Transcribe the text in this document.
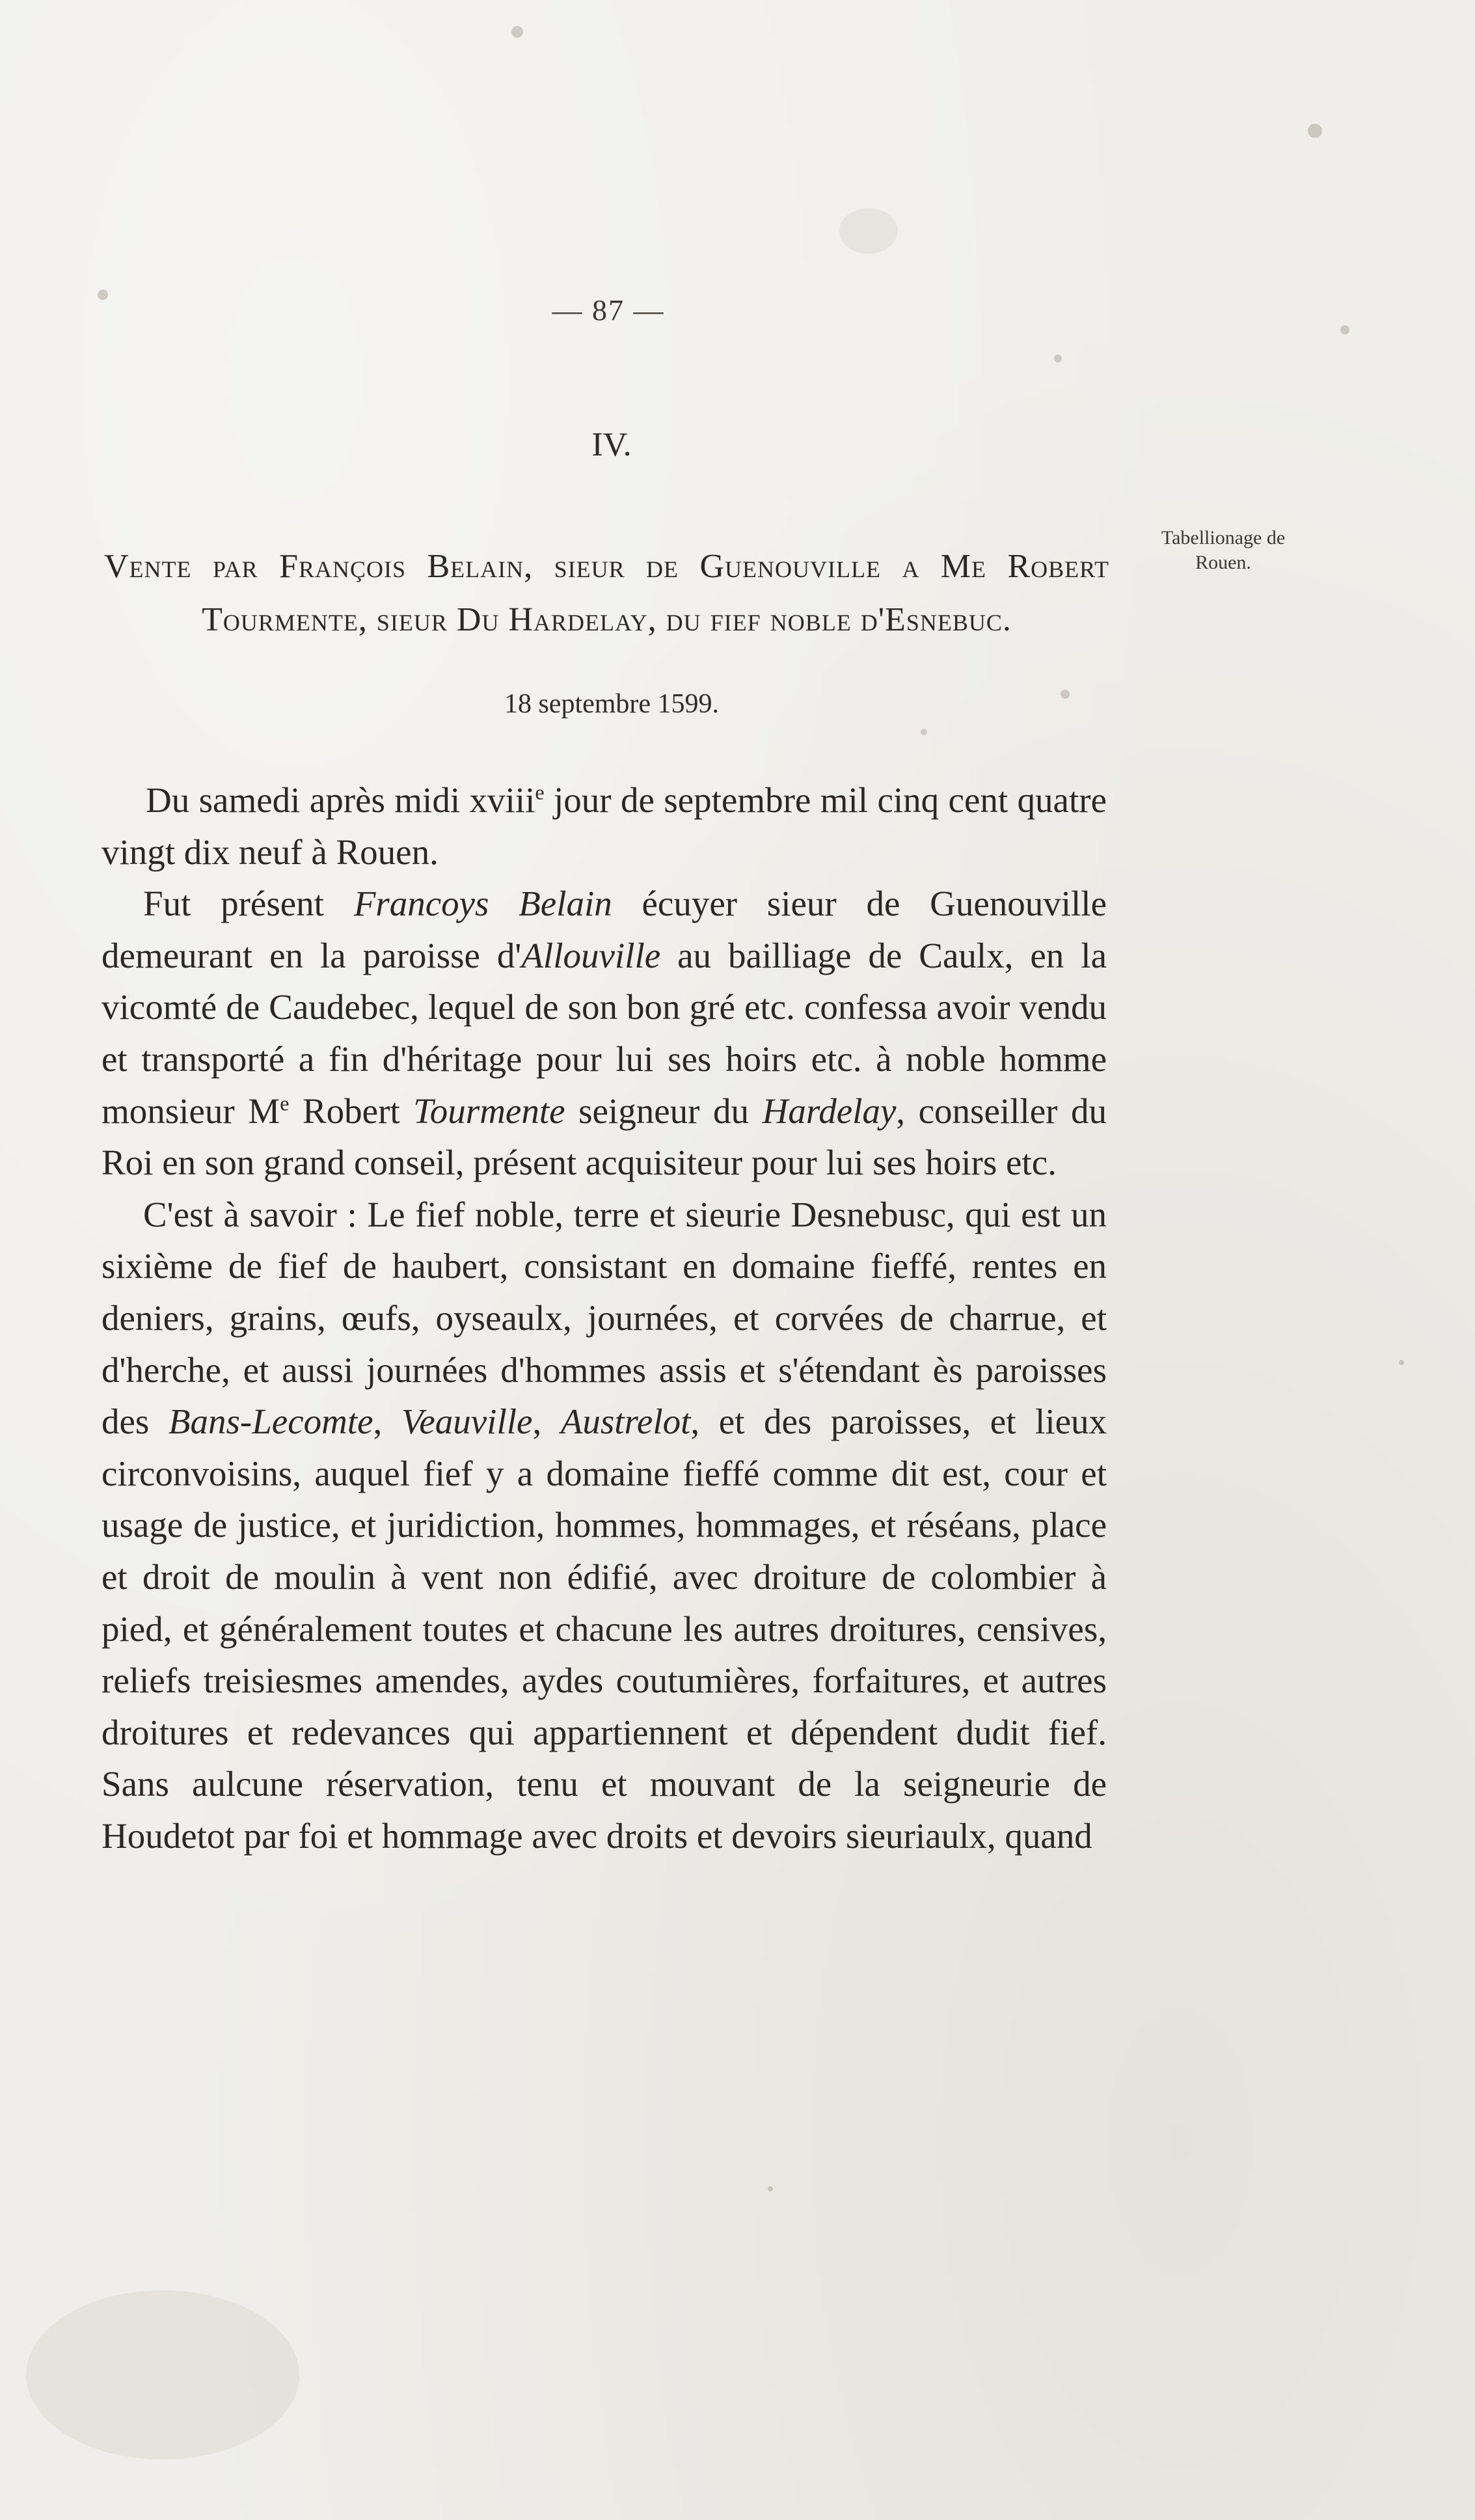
— 87 —
IV.
Tabellionage de Rouen.
Vente par François Belain, sieur de Guenouville a Me Robert
Tourmente, sieur Du Hardelay, du fief noble d'Esnebuc.
18 septembre 1599.

Du samedi après midi xviii$^e$ jour de septembre mil cinq cent quatre vingt dix neuf à Rouen.

Fut présent Francoys Belain écuyer sieur de Guenouville demeurant en la paroisse d'Allouville au bailliage de Caulx, en la vicomté de Caudebec, lequel de son bon gré etc. confessa avoir vendu et transporté a fin d'héritage pour lui ses hoirs etc. à noble homme monsieur Me Robert Tourmente seigneur du Hardelay, conseiller du Roi en son grand conseil, présent acquisiteur pour lui ses hoirs etc.

C'est à savoir : Le fief noble, terre et sieurie Desnebusc, qui est un sixième de fief de haubert, consistant en domaine fieffé, rentes en deniers, grains, œufs, oyseaulx, journées, et corvées de charrue, et d'herche, et aussi journées d'hommes assis et s'étendant ès paroisses des Bans-Lecomte, Veauville, Austrelot, et des paroisses, et lieux circonvoisins, auquel fief y a domaine fieffé comme dit est, cour et usage de justice, et juridiction, hommes, hommages, et réséans, place et droit de moulin à vent non édifié, avec droiture de colombier à pied, et généralement toutes et chacune les autres droitures, censives, reliefs treisiesmes amendes, aydes coutumières, forfaitures, et autres droitures et redevances qui appartiennent et dépendent dudit fief. Sans aulcune réservation, tenu et mouvant de la seigneurie de Houdetot par foi et hommage avec droits et devoirs sieuriaulx, quand
